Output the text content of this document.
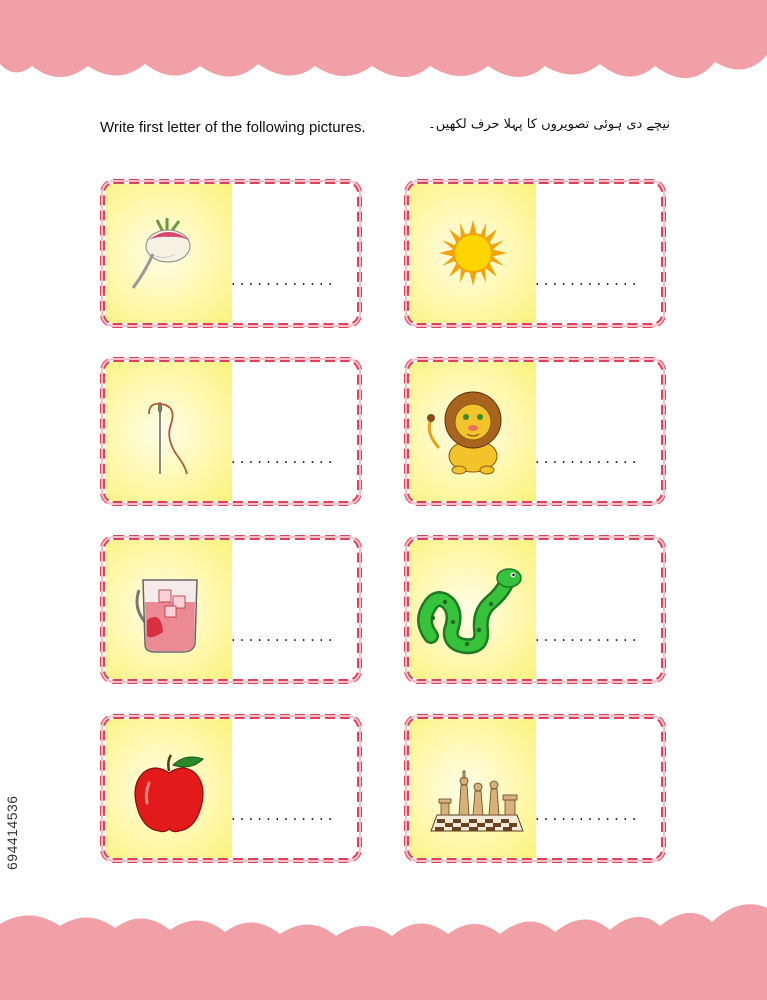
Write first letter of the following pictures.	نیچے دی ہوئی تصویروں کا پہلا حرف لکھیں۔
............	............
............	............
............	............
............	............
694414536
